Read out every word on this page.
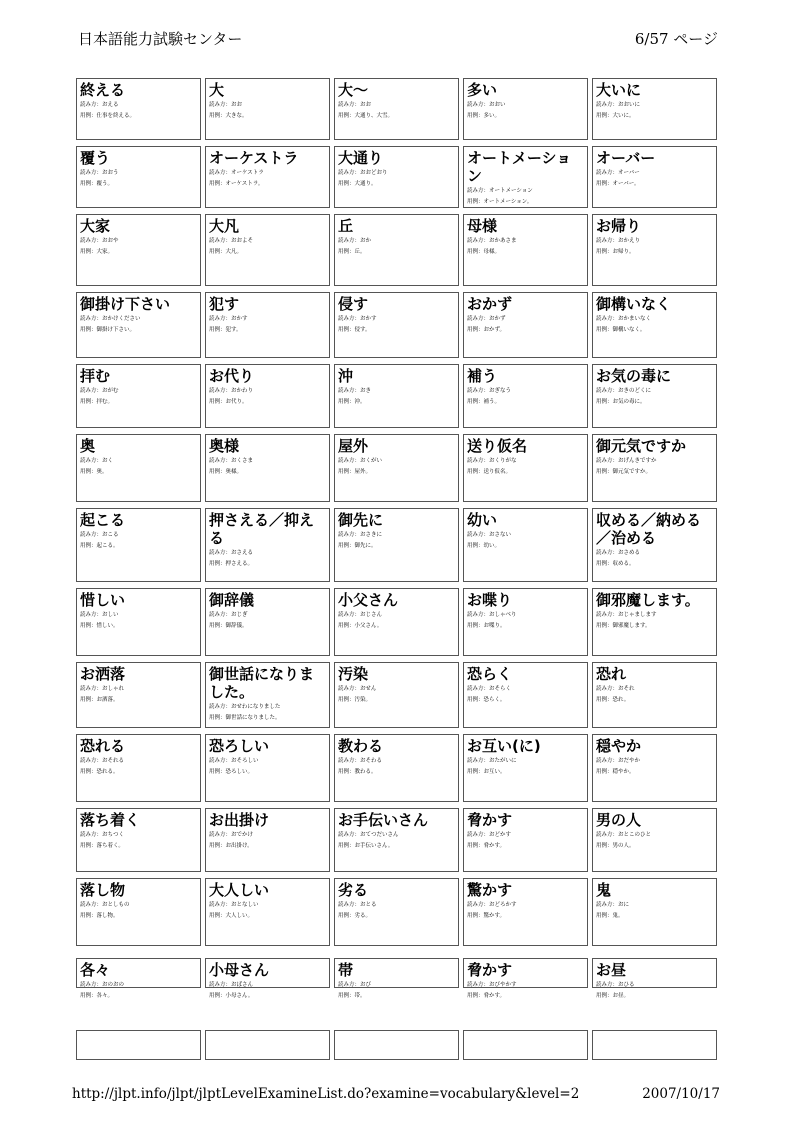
日本語能力試験センター	6/57 ページ
終える
読み方：おえる
用例：仕事を終える。
大
読み方：おお
用例：大きな。
大～
読み方：おお
用例：大通り、大雪。
多い
読み方：おおい
用例：多い。
大いに
読み方：おおいに
用例：大いに。
覆う
読み方：おおう
用例：覆う。
オーケストラ
読み方：オーケストラ
用例：オーケストラ。
大通り
読み方：おおどおり
用例：大通り。
オートメーション
読み方：オートメーション
用例：オートメーション。
オーバー
読み方：オーバー
用例：オーバー。
大家
読み方：おおや
用例：大家。
大凡
読み方：おおよそ
用例：大凡。
丘
読み方：おか
用例：丘。
母様
読み方：おかあさま
用例：母様。
お帰り
読み方：おかえり
用例：お帰り。
御掛け下さい
読み方：おかけください
用例：御掛け下さい。
犯す
読み方：おかす
用例：犯す。
侵す
読み方：おかす
用例：侵す。
おかず
読み方：おかず
用例：おかず。
御構いなく
読み方：おかまいなく
用例：御構いなく。
拝む
読み方：おがむ
用例：拝む。
お代り
読み方：おかわり
用例：お代り。
沖
読み方：おき
用例：沖。
補う
読み方：おぎなう
用例：補う。
お気の毒に
読み方：おきのどくに
用例：お気の毒に。
奥
読み方：おく
用例：奥。
奥様
読み方：おくさま
用例：奥様。
屋外
読み方：おくがい
用例：屋外。
送り仮名
読み方：おくりがな
用例：送り仮名。
御元気ですか
読み方：おげんきですか
用例：御元気ですか。
起こる
読み方：おこる
用例：起こる。
押さえる／抑える
読み方：おさえる
用例：押さえる。
御先に
読み方：おさきに
用例：御先に。
幼い
読み方：おさない
用例：幼い。
収める／納める／治める
読み方：おさめる
用例：収める。
惜しい
読み方：おしい
用例：惜しい。
御辞儀
読み方：おじぎ
用例：御辞儀。
小父さん
読み方：おじさん
用例：小父さん。
お喋り
読み方：おしゃべり
用例：お喋り。
御邪魔します。
読み方：おじゃまします
用例：御邪魔します。
お洒落
読み方：おしゃれ
用例：お洒落。
御世話になりました。
読み方：おせわになりました
用例：御世話になりました。
汚染
読み方：おせん
用例：汚染。
恐らく
読み方：おそらく
用例：恐らく。
恐れ
読み方：おそれ
用例：恐れ。
恐れる
読み方：おそれる
用例：恐れる。
恐ろしい
読み方：おそろしい
用例：恐ろしい。
教わる
読み方：おそわる
用例：教わる。
お互い(に)
読み方：おたがいに
用例：お互い。
穏やか
読み方：おだやか
用例：穏やか。
落ち着く
読み方：おちつく
用例：落ち着く。
お出掛け
読み方：おでかけ
用例：お出掛け。
お手伝いさん
読み方：おてつだいさん
用例：お手伝いさん。
脅かす
読み方：おどかす
用例：脅かす。
男の人
読み方：おとこのひと
用例：男の人。
落し物
読み方：おとしもの
用例：落し物。
大人しい
読み方：おとなしい
用例：大人しい。
劣る
読み方：おとる
用例：劣る。
驚かす
読み方：おどろかす
用例：驚かす。
鬼
読み方：おに
用例：鬼。
各々
読み方：おのおの
用例：各々。
小母さん
読み方：おばさん
用例：小母さん。
帯
読み方：おび
用例：帯。
脅かす
読み方：おびやかす
用例：脅かす。
お昼
読み方：おひる
用例：お昼。
http://jlpt.info/jlpt/jlptLevelExamineList.do?examine=vocabulary&level=2	2007/10/17
